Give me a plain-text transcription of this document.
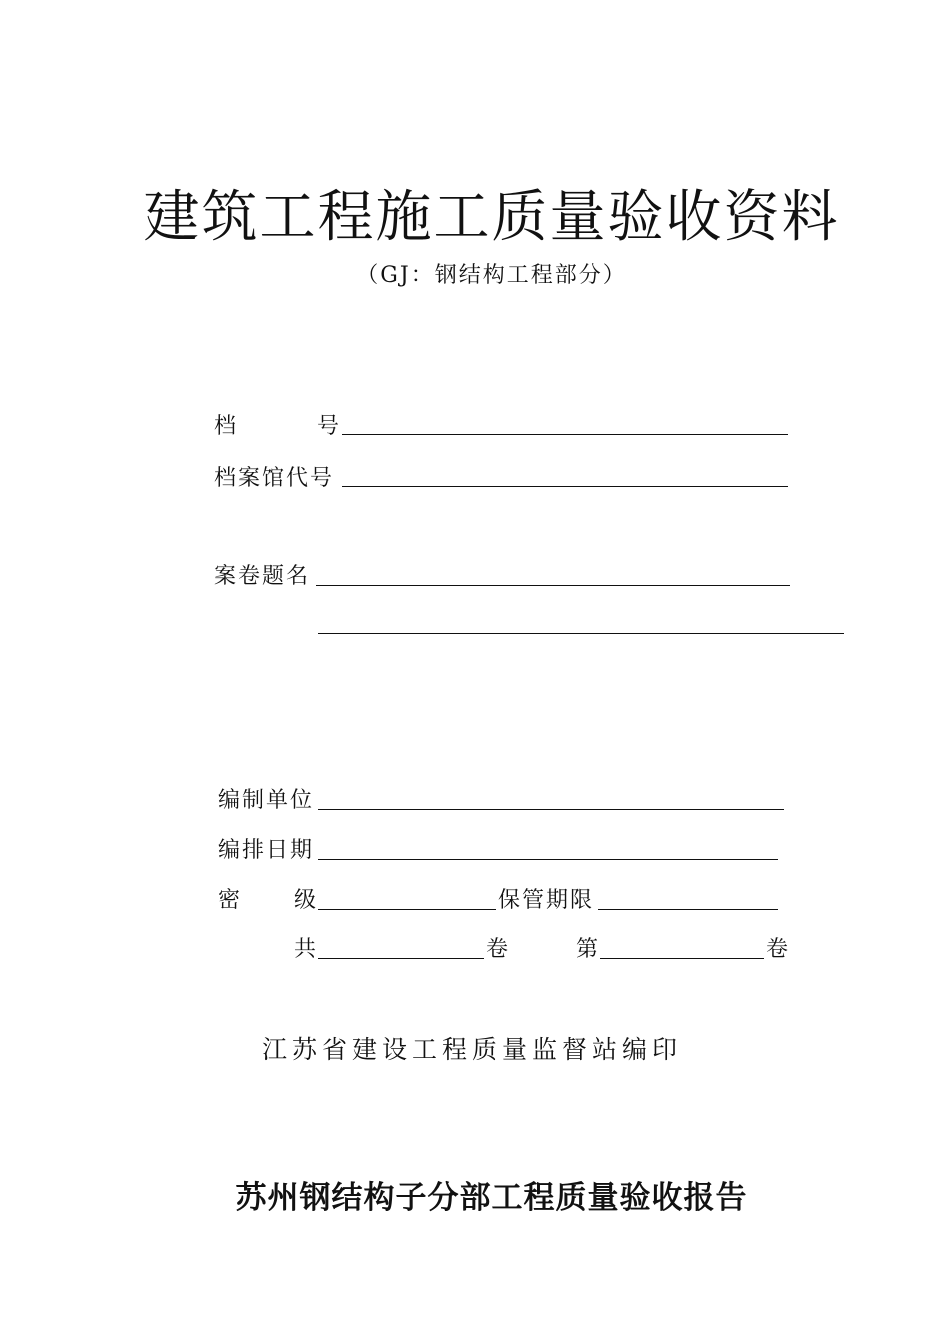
建筑工程施工质量验收资料
（GJ：钢结构工程部分）
档	号
档案馆代号
案卷题名
编制单位
编排日期
密 级	保管期限
共	卷	第	卷
江苏省建设工程质量监督站编印
苏州钢结构子分部工程质量验收报告
